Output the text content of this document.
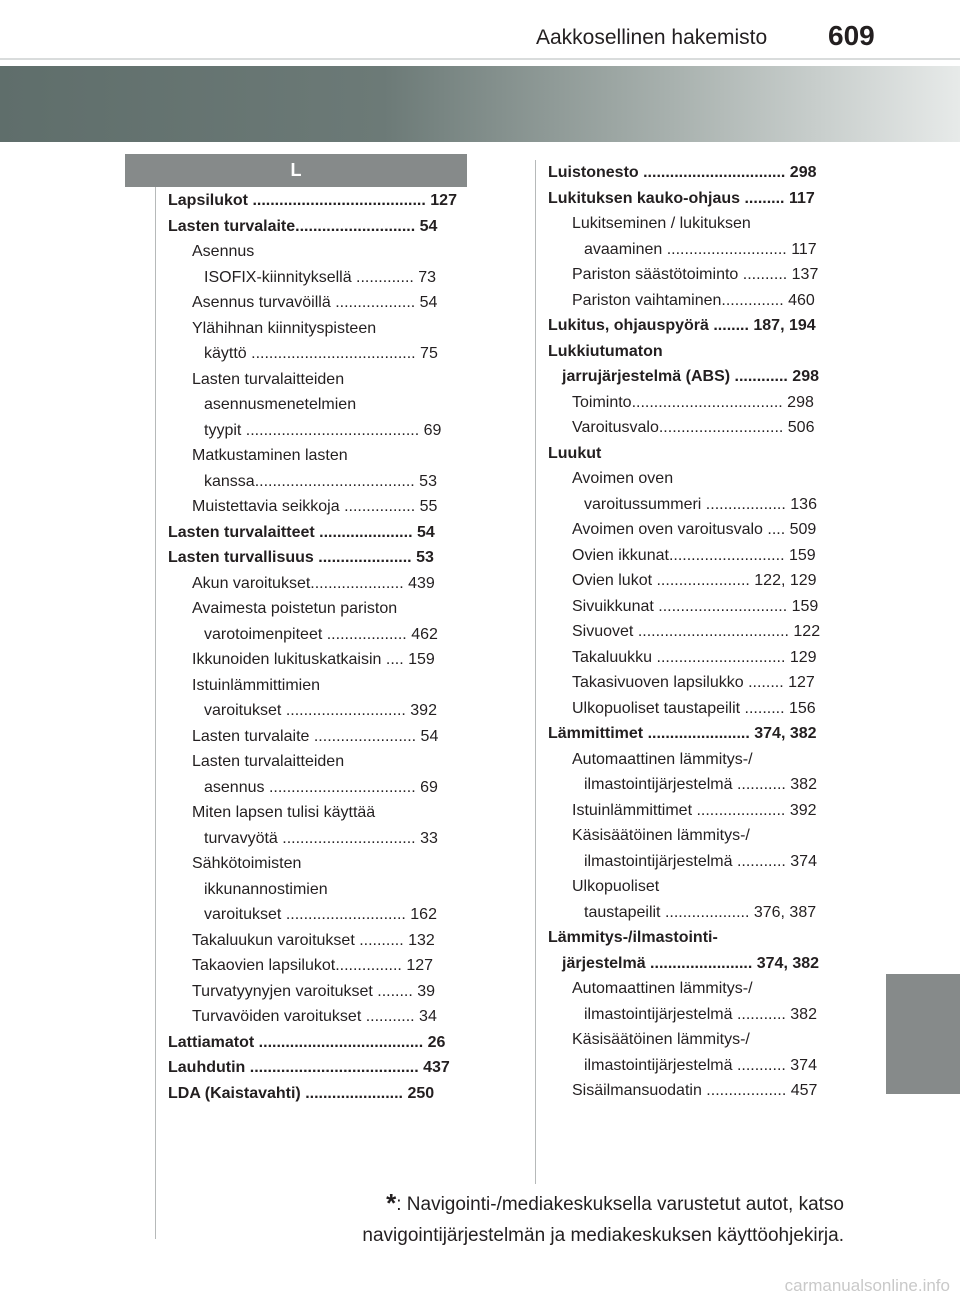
Aakkosellinen hakemisto 609
L
Lapsilukot ....................................... 127
Lasten turvalaite........................... 54
Asennus
ISOFIX-kiinnityksellä ............. 73
Asennus turvavöillä .................. 54
Ylähihnan kiinnityspisteen
käyttö ..................................... 75
Lasten turvalaitteiden
asennusmenetelmien
tyypit ....................................... 69
Matkustaminen lasten
kanssa.................................... 53
Muistettavia seikkoja ................ 55
Lasten turvalaitteet ..................... 54
Lasten turvallisuus ..................... 53
Akun varoitukset..................... 439
Avaimesta poistetun pariston
varotoimenpiteet .................. 462
Ikkunoiden lukituskatkaisin .... 159
Istuinlämmittimien
varoitukset ........................... 392
Lasten turvalaite ....................... 54
Lasten turvalaitteiden
asennus ................................. 69
Miten lapsen tulisi käyttää
turvavyötä .............................. 33
Sähkötoimisten
ikkunannostimien
varoitukset ........................... 162
Takaluukun varoitukset .......... 132
Takaovien lapsilukot............... 127
Turvatyynyjen varoitukset ........ 39
Turvavöiden varoitukset ........... 34
Lattiamatot ..................................... 26
Lauhdutin ...................................... 437
LDA (Kaistavahti) ...................... 250
Luistonesto ................................ 298
Lukituksen kauko-ohjaus ......... 117
Lukitseminen / lukituksen
avaaminen ........................... 117
Pariston säästötoiminto .......... 137
Pariston vaihtaminen.............. 460
Lukitus, ohjauspyörä ........ 187, 194
Lukkiutumaton
jarrujärjestelmä (ABS) ............ 298
Toiminto.................................. 298
Varoitusvalo............................ 506
Luukut
Avoimen oven
varoitussummeri .................. 136
Avoimen oven varoitusvalo .... 509
Ovien ikkunat.......................... 159
Ovien lukot ..................... 122, 129
Sivuikkunat ............................. 159
Sivuovet .................................. 122
Takaluukku ............................. 129
Takasivuoven lapsilukko ........ 127
Ulkopuoliset taustapeilit ......... 156
Lämmittimet ....................... 374, 382
Automaattinen lämmitys-/
ilmastointijärjestelmä ........... 382
Istuinlämmittimet .................... 392
Käsisäätöinen lämmitys-/
ilmastointijärjestelmä ........... 374
Ulkopuoliset
taustapeilit ................... 376, 387
Lämmitys-/ilmastointi-
järjestelmä ....................... 374, 382
Automaattinen lämmitys-/
ilmastointijärjestelmä ........... 382
Käsisäätöinen lämmitys-/
ilmastointijärjestelmä ........... 374
Sisäilmansuodatin .................. 457
*: Navigointi-/mediakeskuksella varustetut autot, katso
navigointijärjestelmän ja mediakeskuksen käyttöohjekirja.
carmanualsonline.info
